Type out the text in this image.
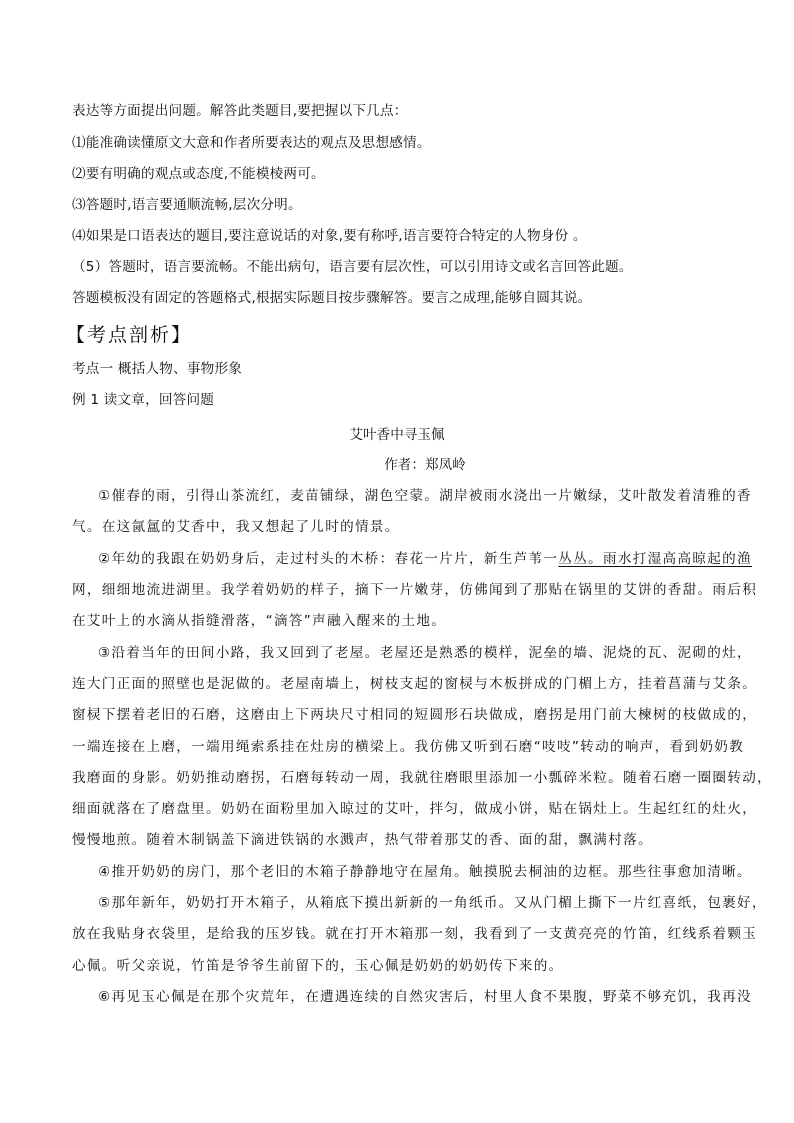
表达等方面提出问题。解答此类题目,要把握以下几点：
⑴能准确读懂原文大意和作者所要表达的观点及思想感情。
⑵要有明确的观点或态度,不能模棱两可。
⑶答题时,语言要通顺流畅,层次分明。
⑷如果是口语表达的题目,要注意说话的对象,要有称呼,语言要符合特定的人物身份 。
（5）答题时，语言要流畅。不能出病句，语言要有层次性，可以引用诗文或名言回答此题。
答题模板没有固定的答题格式,根据实际题目按步骤解答。要言之成理,能够自圆其说。
【考点剖析】
考点一 概括人物、事物形象
例 1 读文章，回答问题
艾叶香中寻玉佩
作者：郑凤岭
①催春的雨，引得山茶流红，麦苗铺绿，湖色空蒙。湖岸被雨水浇出一片嫩绿，艾叶散发着清雅的香
气。在这氤氲的艾香中，我又想起了儿时的情景。
②年幼的我跟在奶奶身后，走过村头的木桥：春花一片片，新生芦苇一丛丛。雨水打湿高高晾起的渔
网，细细地流进湖里。我学着奶奶的样子，摘下一片嫩芽，仿佛闻到了那贴在锅里的艾饼的香甜。雨后积
在艾叶上的水滴从指缝滑落，“滴答”声融入醒来的土地。
③沿着当年的田间小路，我又回到了老屋。老屋还是熟悉的模样，泥垒的墙、泥烧的瓦、泥砌的灶，
连大门正面的照壁也是泥做的。老屋南墙上，树枝支起的窗棂与木板拼成的门楣上方，挂着菖蒲与艾条。
窗棂下摆着老旧的石磨，这磨由上下两块尺寸相同的短圆形石块做成，磨拐是用门前大楝树的枝做成的，
一端连接在上磨，一端用绳索系挂在灶房的横梁上。我仿佛又听到石磨“吱吱”转动的响声，看到奶奶教
我磨面的身影。奶奶推动磨拐，石磨每转动一周，我就往磨眼里添加一小瓢碎米粒。随着石磨一圈圈转动，
细面就落在了磨盘里。奶奶在面粉里加入晾过的艾叶，拌匀，做成小饼，贴在锅灶上。生起红红的灶火，
慢慢地煎。随着木制锅盖下滴进铁锅的水溅声，热气带着那艾的香、面的甜，飘满村落。
④推开奶奶的房门，那个老旧的木箱子静静地守在屋角。触摸脱去桐油的边框。那些往事愈加清晰。
⑤那年新年，奶奶打开木箱子，从箱底下摸出新新的一角纸币。又从门楣上撕下一片红喜纸，包裹好，
放在我贴身衣袋里，是给我的压岁钱。就在打开木箱那一刻，我看到了一支黄亮亮的竹笛，红线系着颗玉
心佩。听父亲说，竹笛是爷爷生前留下的，玉心佩是奶奶的奶奶传下来的。
⑥再见玉心佩是在那个灾荒年，在遭遇连续的自然灾害后，村里人食不果腹，野菜不够充饥，我再没
